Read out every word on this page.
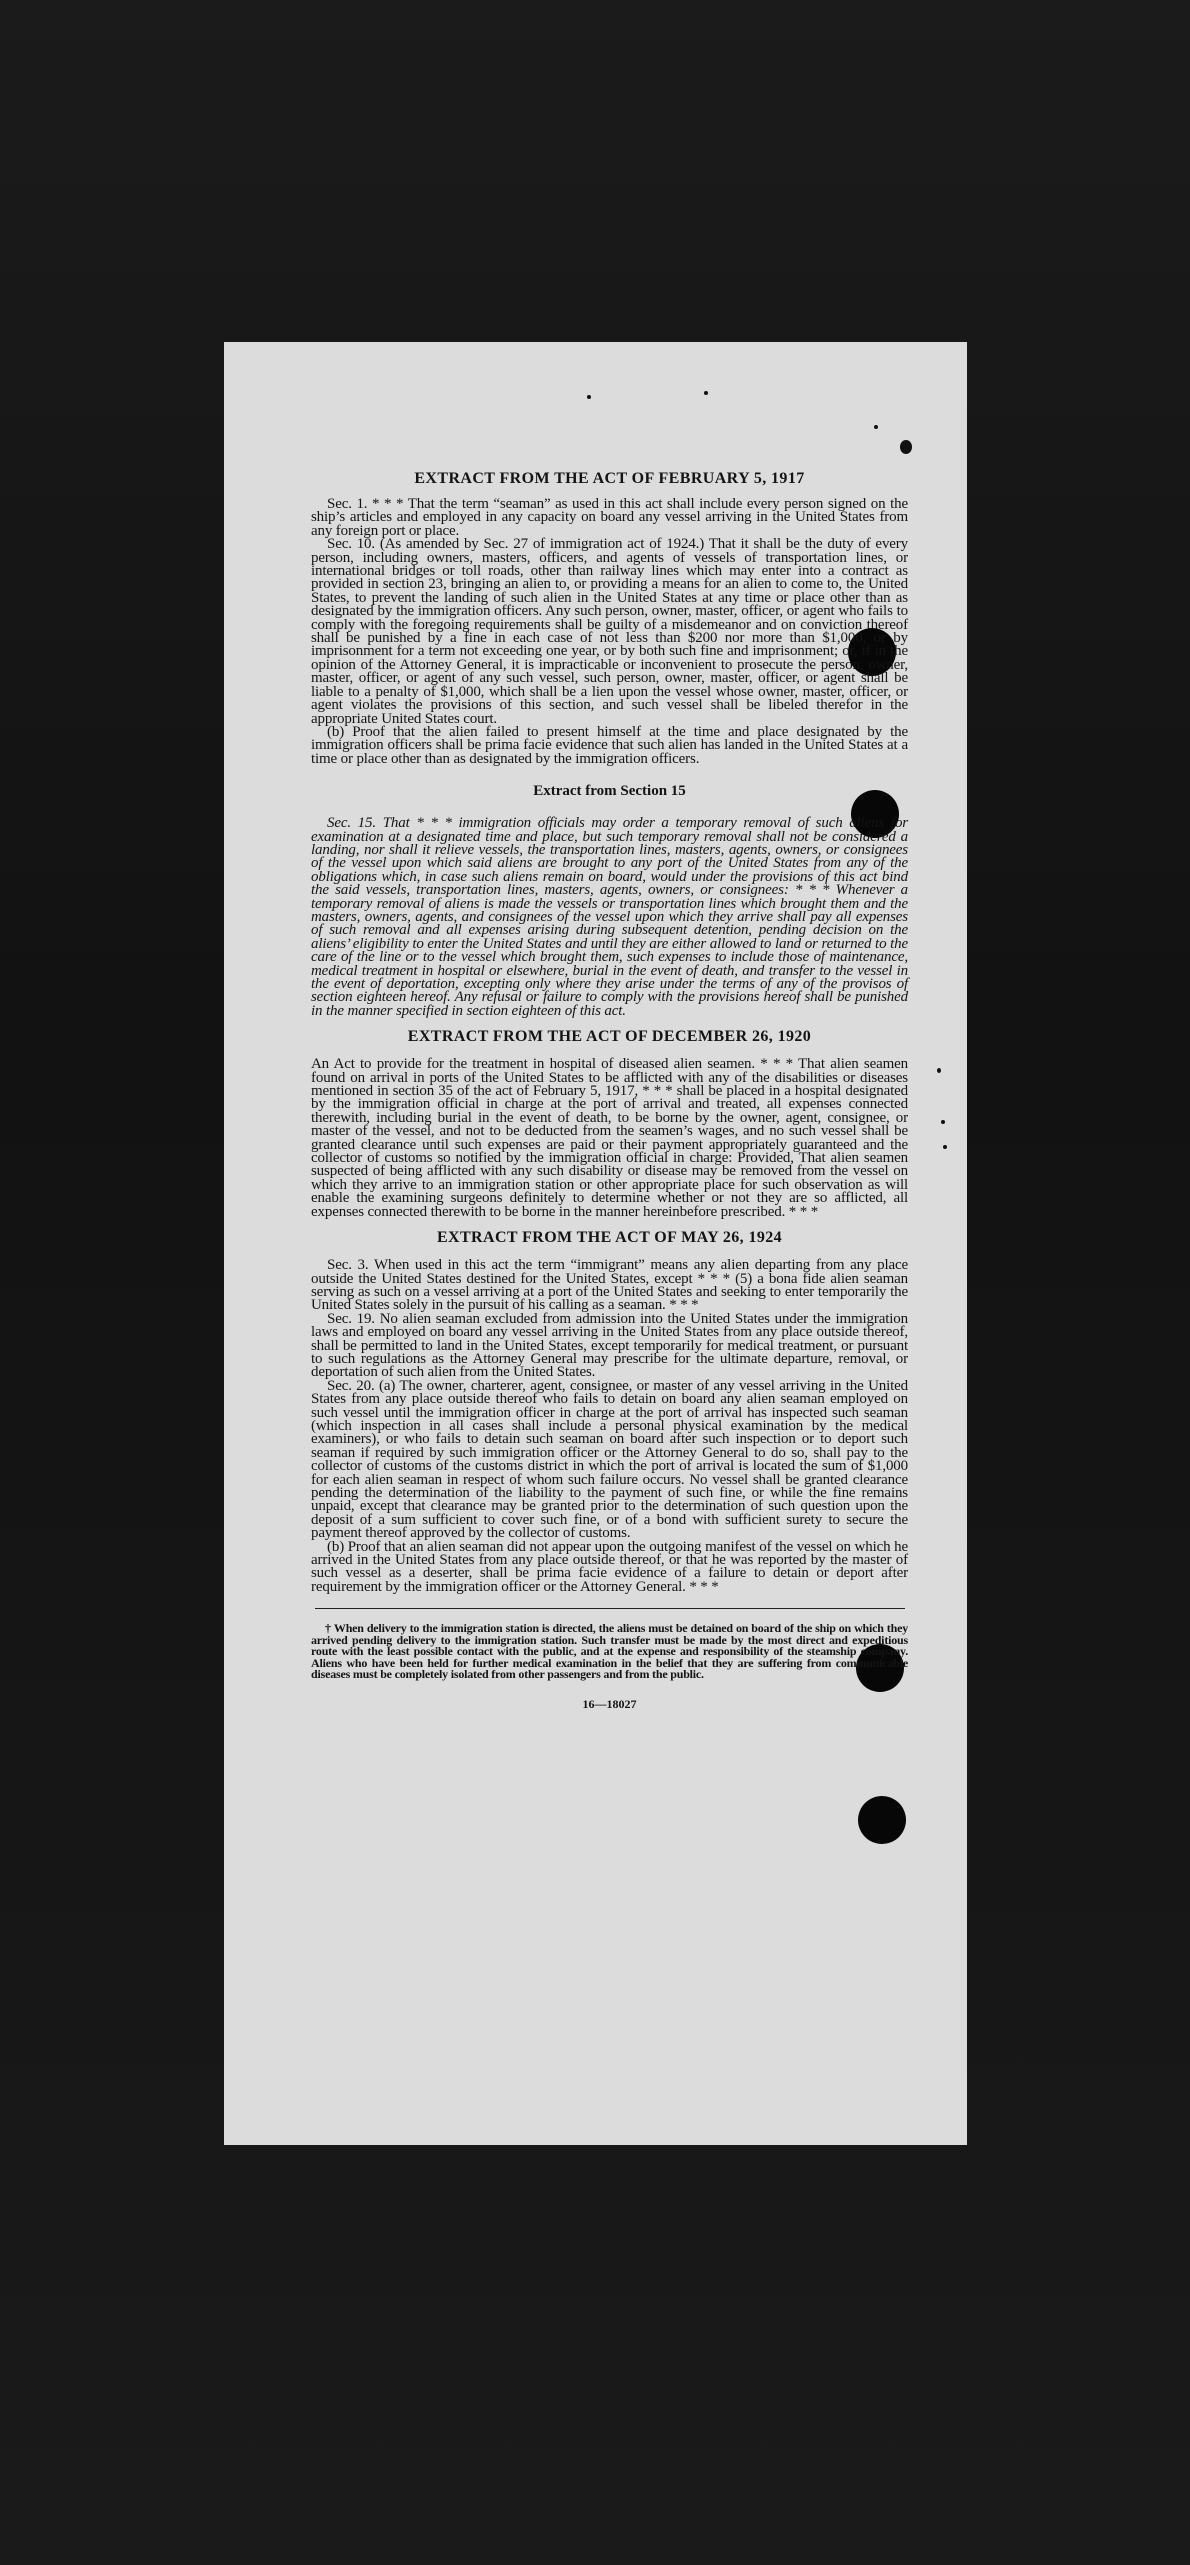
EXTRACT FROM THE ACT OF FEBRUARY 5, 1917

Sec. 1. * * * That the term “seaman” as used in this act shall include every person signed on the ship’s articles and employed in any capacity on board any vessel arriving in the United States from any foreign port or place.

Sec. 10. (As amended by Sec. 27 of immigration act of 1924.) That it shall be the duty of every person, including owners, masters, officers, and agents of vessels of transportation lines, or international bridges or toll roads, other than railway lines which may enter into a contract as provided in section 23, bringing an alien to, or providing a means for an alien to come to, the United States, to prevent the landing of such alien in the United States at any time or place other than as designated by the immigration officers. Any such person, owner, master, officer, or agent who fails to comply with the foregoing requirements shall be guilty of a misdemeanor and on conviction thereof shall be punished by a fine in each case of not less than $200 nor more than $1,000, or by imprisonment for a term not exceeding one year, or by both such fine and imprisonment; or, if in the opinion of the Attorney General, it is impracticable or inconvenient to prosecute the person, owner, master, officer, or agent of any such vessel, such person, owner, master, officer, or agent shall be liable to a penalty of $1,000, which shall be a lien upon the vessel whose owner, master, officer, or agent violates the provisions of this section, and such vessel shall be libeled therefor in the appropriate United States court.

(b) Proof that the alien failed to present himself at the time and place designated by the immigration officers shall be prima facie evidence that such alien has landed in the United States at a time or place other than as designated by the immigration officers.

Extract from Section 15

Sec. 15. That * * * immigration officials may order a temporary removal of such aliens for examination at a designated time and place, but such temporary removal shall not be considered a landing, nor shall it relieve vessels, the transportation lines, masters, agents, owners, or consignees of the vessel upon which said aliens are brought to any port of the United States from any of the obligations which, in case such aliens remain on board, would under the provisions of this act bind the said vessels, transportation lines, masters, agents, owners, or consignees: * * * Whenever a temporary removal of aliens is made the vessels or transportation lines which brought them and the masters, owners, agents, and consignees of the vessel upon which they arrive shall pay all expenses of such removal and all expenses arising during subsequent detention, pending decision on the aliens’ eligibility to enter the United States and until they are either allowed to land or returned to the care of the line or to the vessel which brought them, such expenses to include those of maintenance, medical treatment in hospital or elsewhere, burial in the event of death, and transfer to the vessel in the event of deportation, excepting only where they arise under the terms of any of the provisos of section eighteen hereof. Any refusal or failure to comply with the provisions hereof shall be punished in the manner specified in section eighteen of this act.

EXTRACT FROM THE ACT OF DECEMBER 26, 1920

An Act to provide for the treatment in hospital of diseased alien seamen. * * * That alien seamen found on arrival in ports of the United States to be afflicted with any of the disabilities or diseases mentioned in section 35 of the act of February 5, 1917, * * * shall be placed in a hospital designated by the immigration official in charge at the port of arrival and treated, all expenses connected therewith, including burial in the event of death, to be borne by the owner, agent, consignee, or master of the vessel, and not to be deducted from the seamen’s wages, and no such vessel shall be granted clearance until such expenses are paid or their payment appropriately guaranteed and the collector of customs so notified by the immigration official in charge: Provided, That alien seamen suspected of being afflicted with any such disability or disease may be removed from the vessel on which they arrive to an immigration station or other appropriate place for such observation as will enable the examining surgeons definitely to determine whether or not they are so afflicted, all expenses connected therewith to be borne in the manner hereinbefore prescribed. * * *

EXTRACT FROM THE ACT OF MAY 26, 1924

Sec. 3. When used in this act the term “immigrant” means any alien departing from any place outside the United States destined for the United States, except * * * (5) a bona fide alien seaman serving as such on a vessel arriving at a port of the United States and seeking to enter temporarily the United States solely in the pursuit of his calling as a seaman. * * *

Sec. 19. No alien seaman excluded from admission into the United States under the immigration laws and employed on board any vessel arriving in the United States from any place outside thereof, shall be permitted to land in the United States, except temporarily for medical treatment, or pursuant to such regulations as the Attorney General may prescribe for the ultimate departure, removal, or deportation of such alien from the United States.

Sec. 20. (a) The owner, charterer, agent, consignee, or master of any vessel arriving in the United States from any place outside thereof who fails to detain on board any alien seaman employed on such vessel until the immigration officer in charge at the port of arrival has inspected such seaman (which inspection in all cases shall include a personal physical examination by the medical examiners), or who fails to detain such seaman on board after such inspection or to deport such seaman if required by such immigration officer or the Attorney General to do so, shall pay to the collector of customs of the customs district in which the port of arrival is located the sum of $1,000 for each alien seaman in respect of whom such failure occurs. No vessel shall be granted clearance pending the determination of the liability to the payment of such fine, or while the fine remains unpaid, except that clearance may be granted prior to the determination of such question upon the deposit of a sum sufficient to cover such fine, or of a bond with sufficient surety to secure the payment thereof approved by the collector of customs.

(b) Proof that an alien seaman did not appear upon the outgoing manifest of the vessel on which he arrived in the United States from any place outside thereof, or that he was reported by the master of such vessel as a deserter, shall be prima facie evidence of a failure to detain or deport after requirement by the immigration officer or the Attorney General. * * *

† When delivery to the immigration station is directed, the aliens must be detained on board of the ship on which they arrived pending delivery to the immigration station. Such transfer must be made by the most direct and expeditious route with the least possible contact with the public, and at the expense and responsibility of the steamship company. Aliens who have been held for further medical examination in the belief that they are suffering from communicable diseases must be completely isolated from other passengers and from the public.

16—18027
